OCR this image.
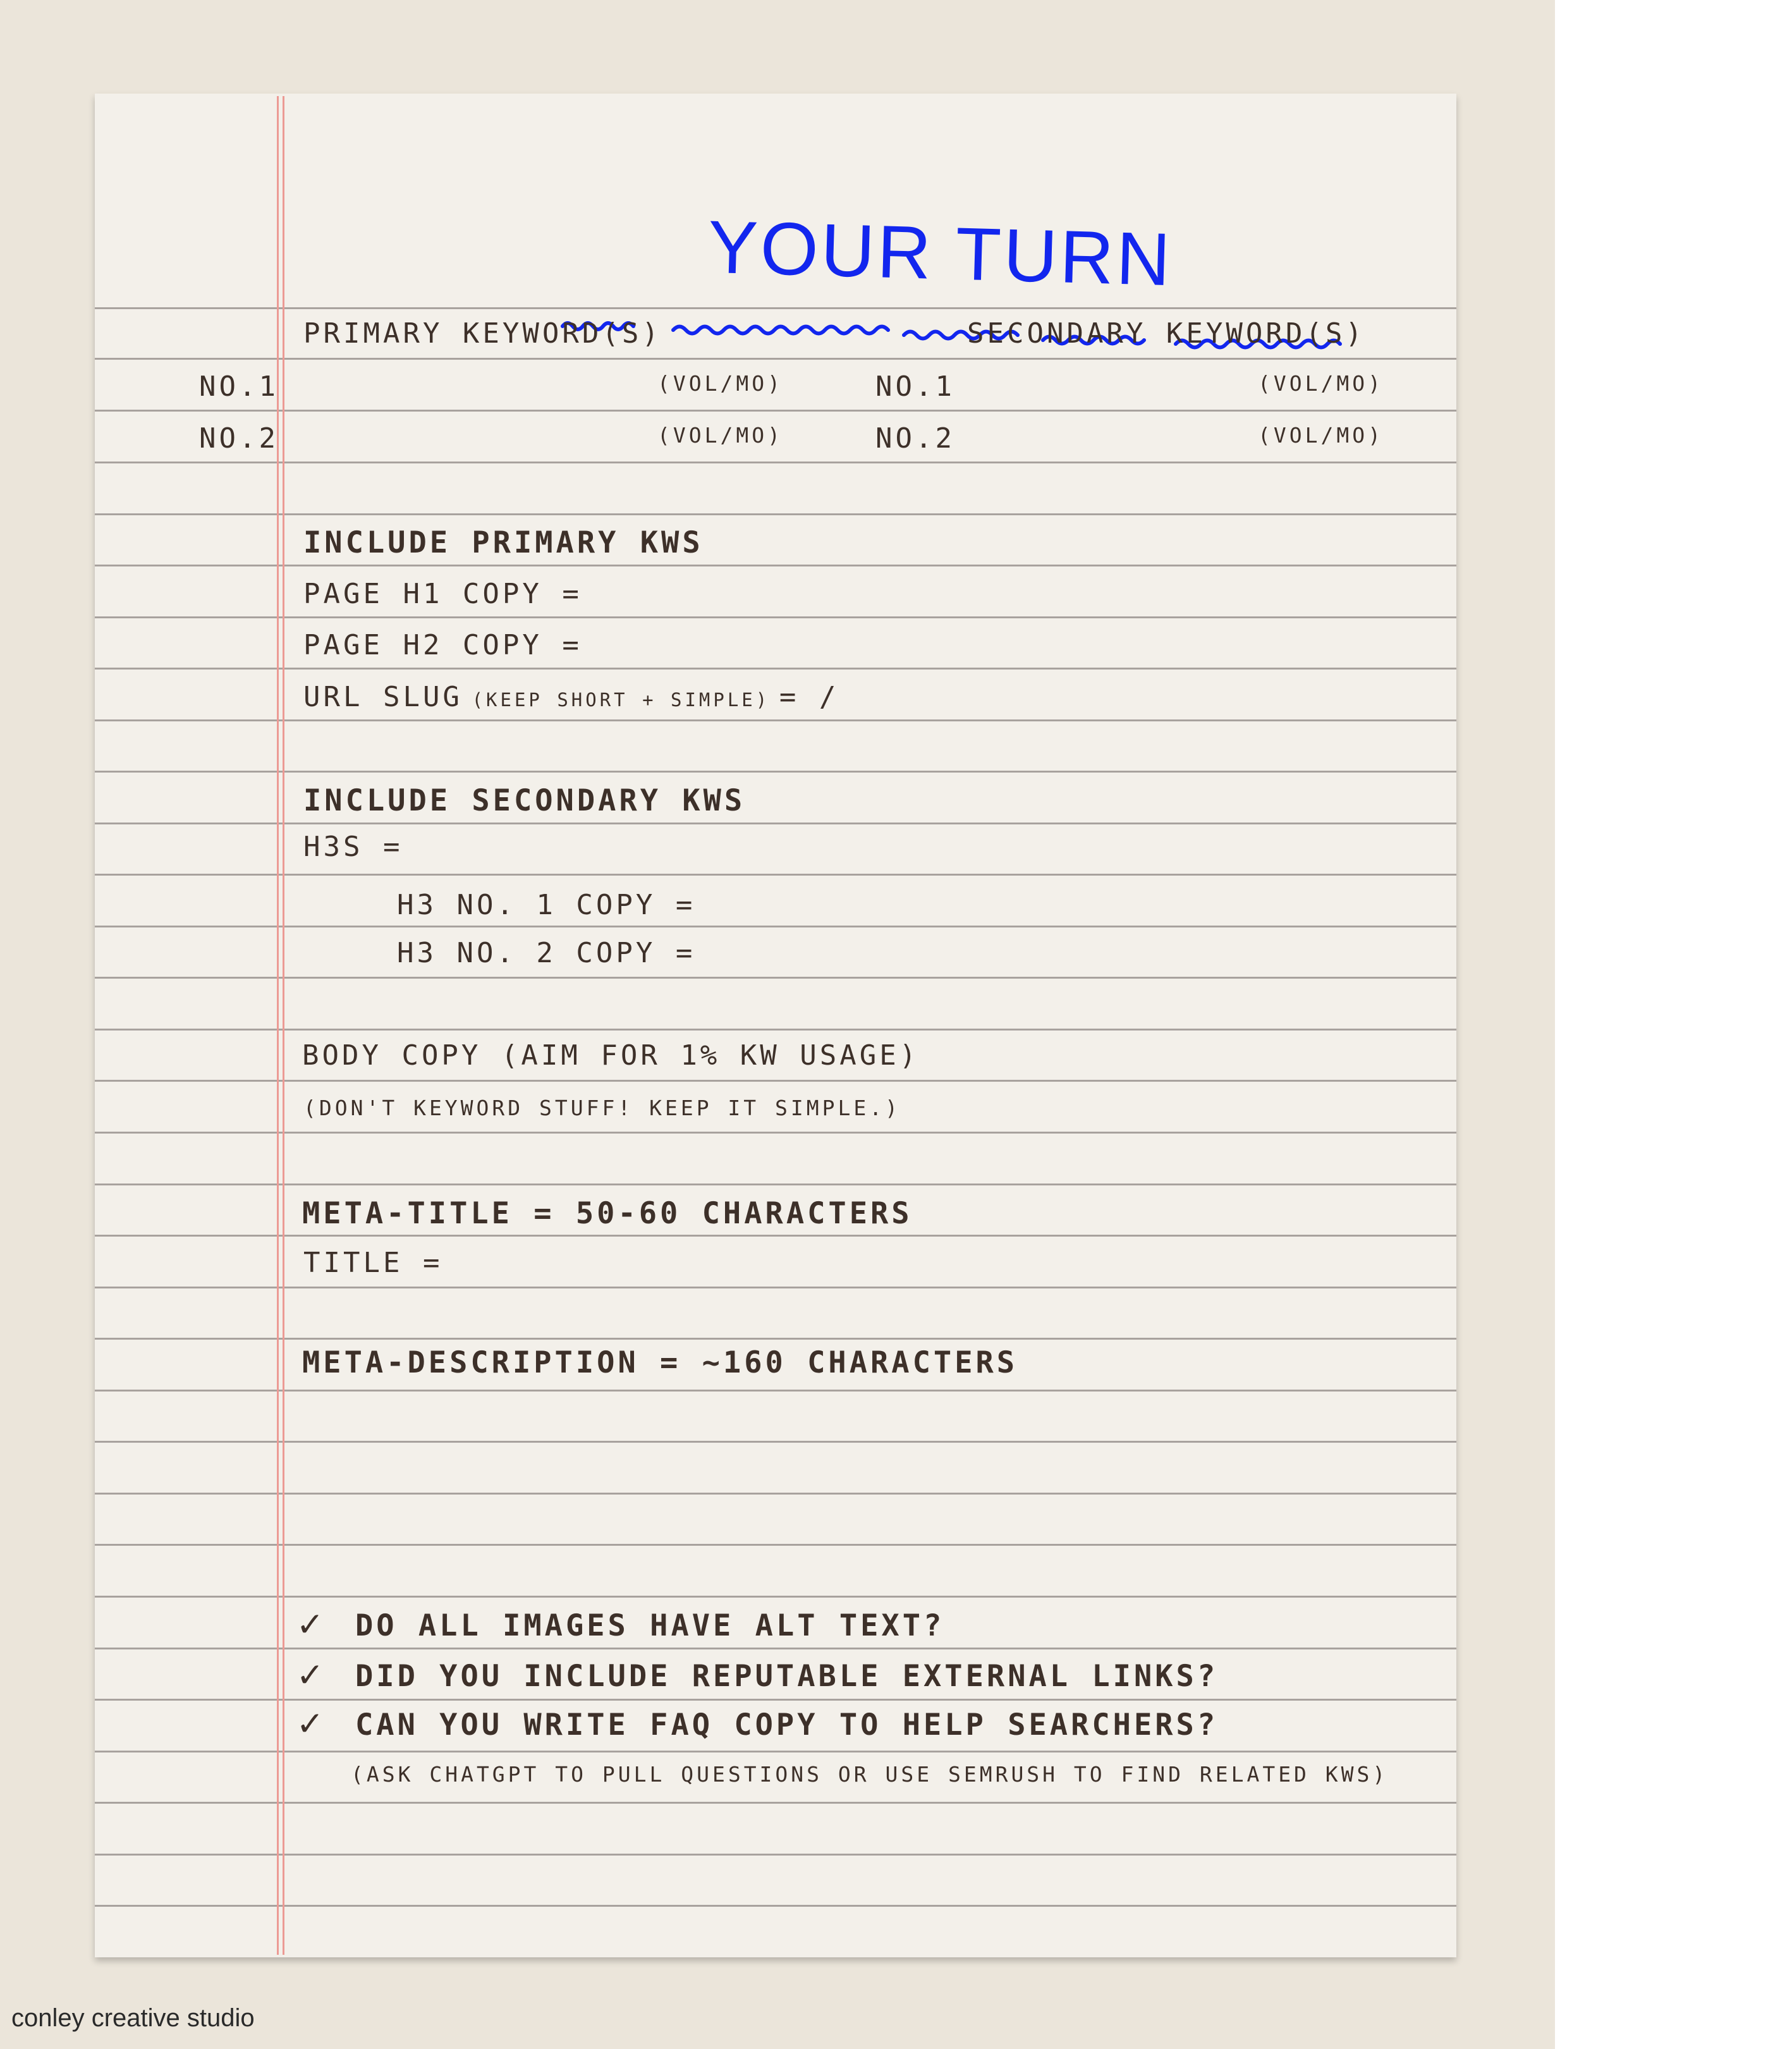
YOUR TURN
PRIMARY KEYWORD(S)	SECONDARY KEYWORD(S)
NO.1	(VOL/MO)	NO.1	(VOL/MO)
NO.2	(VOL/MO)	NO.2	(VOL/MO)
INCLUDE PRIMARY KWS
PAGE H1 COPY =
PAGE H2 COPY =
URL SLUG (KEEP SHORT + SIMPLE) = /
INCLUDE SECONDARY KWS
H3S =
H3 NO. 1 COPY =
H3 NO. 2 COPY =
BODY COPY (AIM FOR 1% KW USAGE)
(DON'T KEYWORD STUFF! KEEP IT SIMPLE.)
META-TITLE = 50-60 CHARACTERS
TITLE =
META-DESCRIPTION = ~160 CHARACTERS
✓ DO ALL IMAGES HAVE ALT TEXT?
✓ DID YOU INCLUDE REPUTABLE EXTERNAL LINKS?
✓ CAN YOU WRITE FAQ COPY TO HELP SEARCHERS?
(ASK CHATGPT TO PULL QUESTIONS OR USE SEMRUSH TO FIND RELATED KWS)
conley creative studio
